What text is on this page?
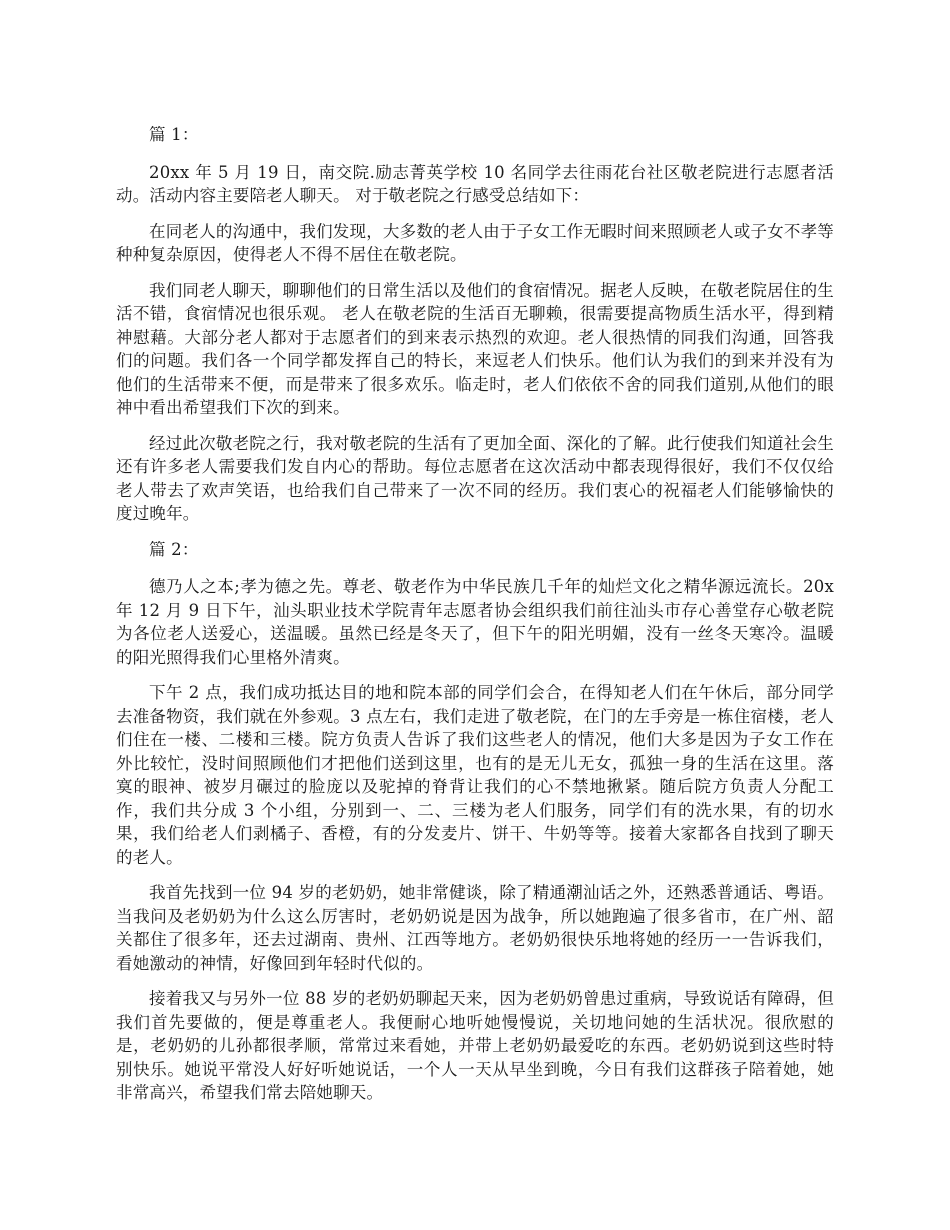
篇 1：

20xx 年 5 月 19 日，南交院.励志菁英学校 10 名同学去往雨花台社区敬老院进行志愿者活动。活动内容主要陪老人聊天。 对于敬老院之行感受总结如下：

在同老人的沟通中，我们发现，大多数的老人由于子女工作无暇时间来照顾老人或子女不孝等种种复杂原因，使得老人不得不居住在敬老院。

我们同老人聊天，聊聊他们的日常生活以及他们的食宿情况。据老人反映，在敬老院居住的生活不错，食宿情况也很乐观。 老人在敬老院的生活百无聊赖，很需要提高物质生活水平，得到精神慰藉。大部分老人都对于志愿者们的到来表示热烈的欢迎。老人很热情的同我们沟通，回答我们的问题。我们各一个同学都发挥自己的特长，来逗老人们快乐。他们认为我们的到来并没有为他们的生活带来不便，而是带来了很多欢乐。临走时，老人们依依不舍的同我们道别,从他们的眼神中看出希望我们下次的到来。

经过此次敬老院之行，我对敬老院的生活有了更加全面、深化的了解。此行使我们知道社会生还有许多老人需要我们发自内心的帮助。每位志愿者在这次活动中都表现得很好，我们不仅仅给老人带去了欢声笑语，也给我们自己带来了一次不同的经历。我们衷心的祝福老人们能够愉快的度过晚年。

篇 2：

德乃人之本;孝为德之先。尊老、敬老作为中华民族几千年的灿烂文化之精华源远流长。20x 年 12 月 9 日下午，汕头职业技术学院青年志愿者协会组织我们前往汕头市存心善堂存心敬老院为各位老人送爱心，送温暖。虽然已经是冬天了，但下午的阳光明媚，没有一丝冬天寒冷。温暖的阳光照得我们心里格外清爽。

下午 2 点，我们成功抵达目的地和院本部的同学们会合，在得知老人们在午休后，部分同学去准备物资，我们就在外参观。3 点左右，我们走进了敬老院，在门的左手旁是一栋住宿楼，老人们住在一楼、二楼和三楼。院方负责人告诉了我们这些老人的情况，他们大多是因为子女工作在外比较忙，没时间照顾他们才把他们送到这里，也有的是无儿无女，孤独一身的生活在这里。落寞的眼神、被岁月碾过的脸庞以及驼掉的脊背让我们的心不禁地揪紧。随后院方负责人分配工作，我们共分成 3 个小组，分别到一、二、三楼为老人们服务，同学们有的洗水果，有的切水果，我们给老人们剥橘子、香橙，有的分发麦片、饼干、牛奶等等。接着大家都各自找到了聊天的老人。

我首先找到一位 94 岁的老奶奶，她非常健谈，除了精通潮汕话之外，还熟悉普通话、粤语。当我问及老奶奶为什么这么厉害时，老奶奶说是因为战争，所以她跑遍了很多省市，在广州、韶关都住了很多年，还去过湖南、贵州、江西等地方。老奶奶很快乐地将她的经历一一告诉我们，看她激动的神情，好像回到年轻时代似的。

接着我又与另外一位 88 岁的老奶奶聊起天来，因为老奶奶曾患过重病，导致说话有障碍，但我们首先要做的，便是尊重老人。我便耐心地听她慢慢说，关切地问她的生活状况。很欣慰的是，老奶奶的儿孙都很孝顺，常常过来看她，并带上老奶奶最爱吃的东西。老奶奶说到这些时特别快乐。她说平常没人好好听她说话，一个人一天从早坐到晚，今日有我们这群孩子陪着她，她非常高兴，希望我们常去陪她聊天。
